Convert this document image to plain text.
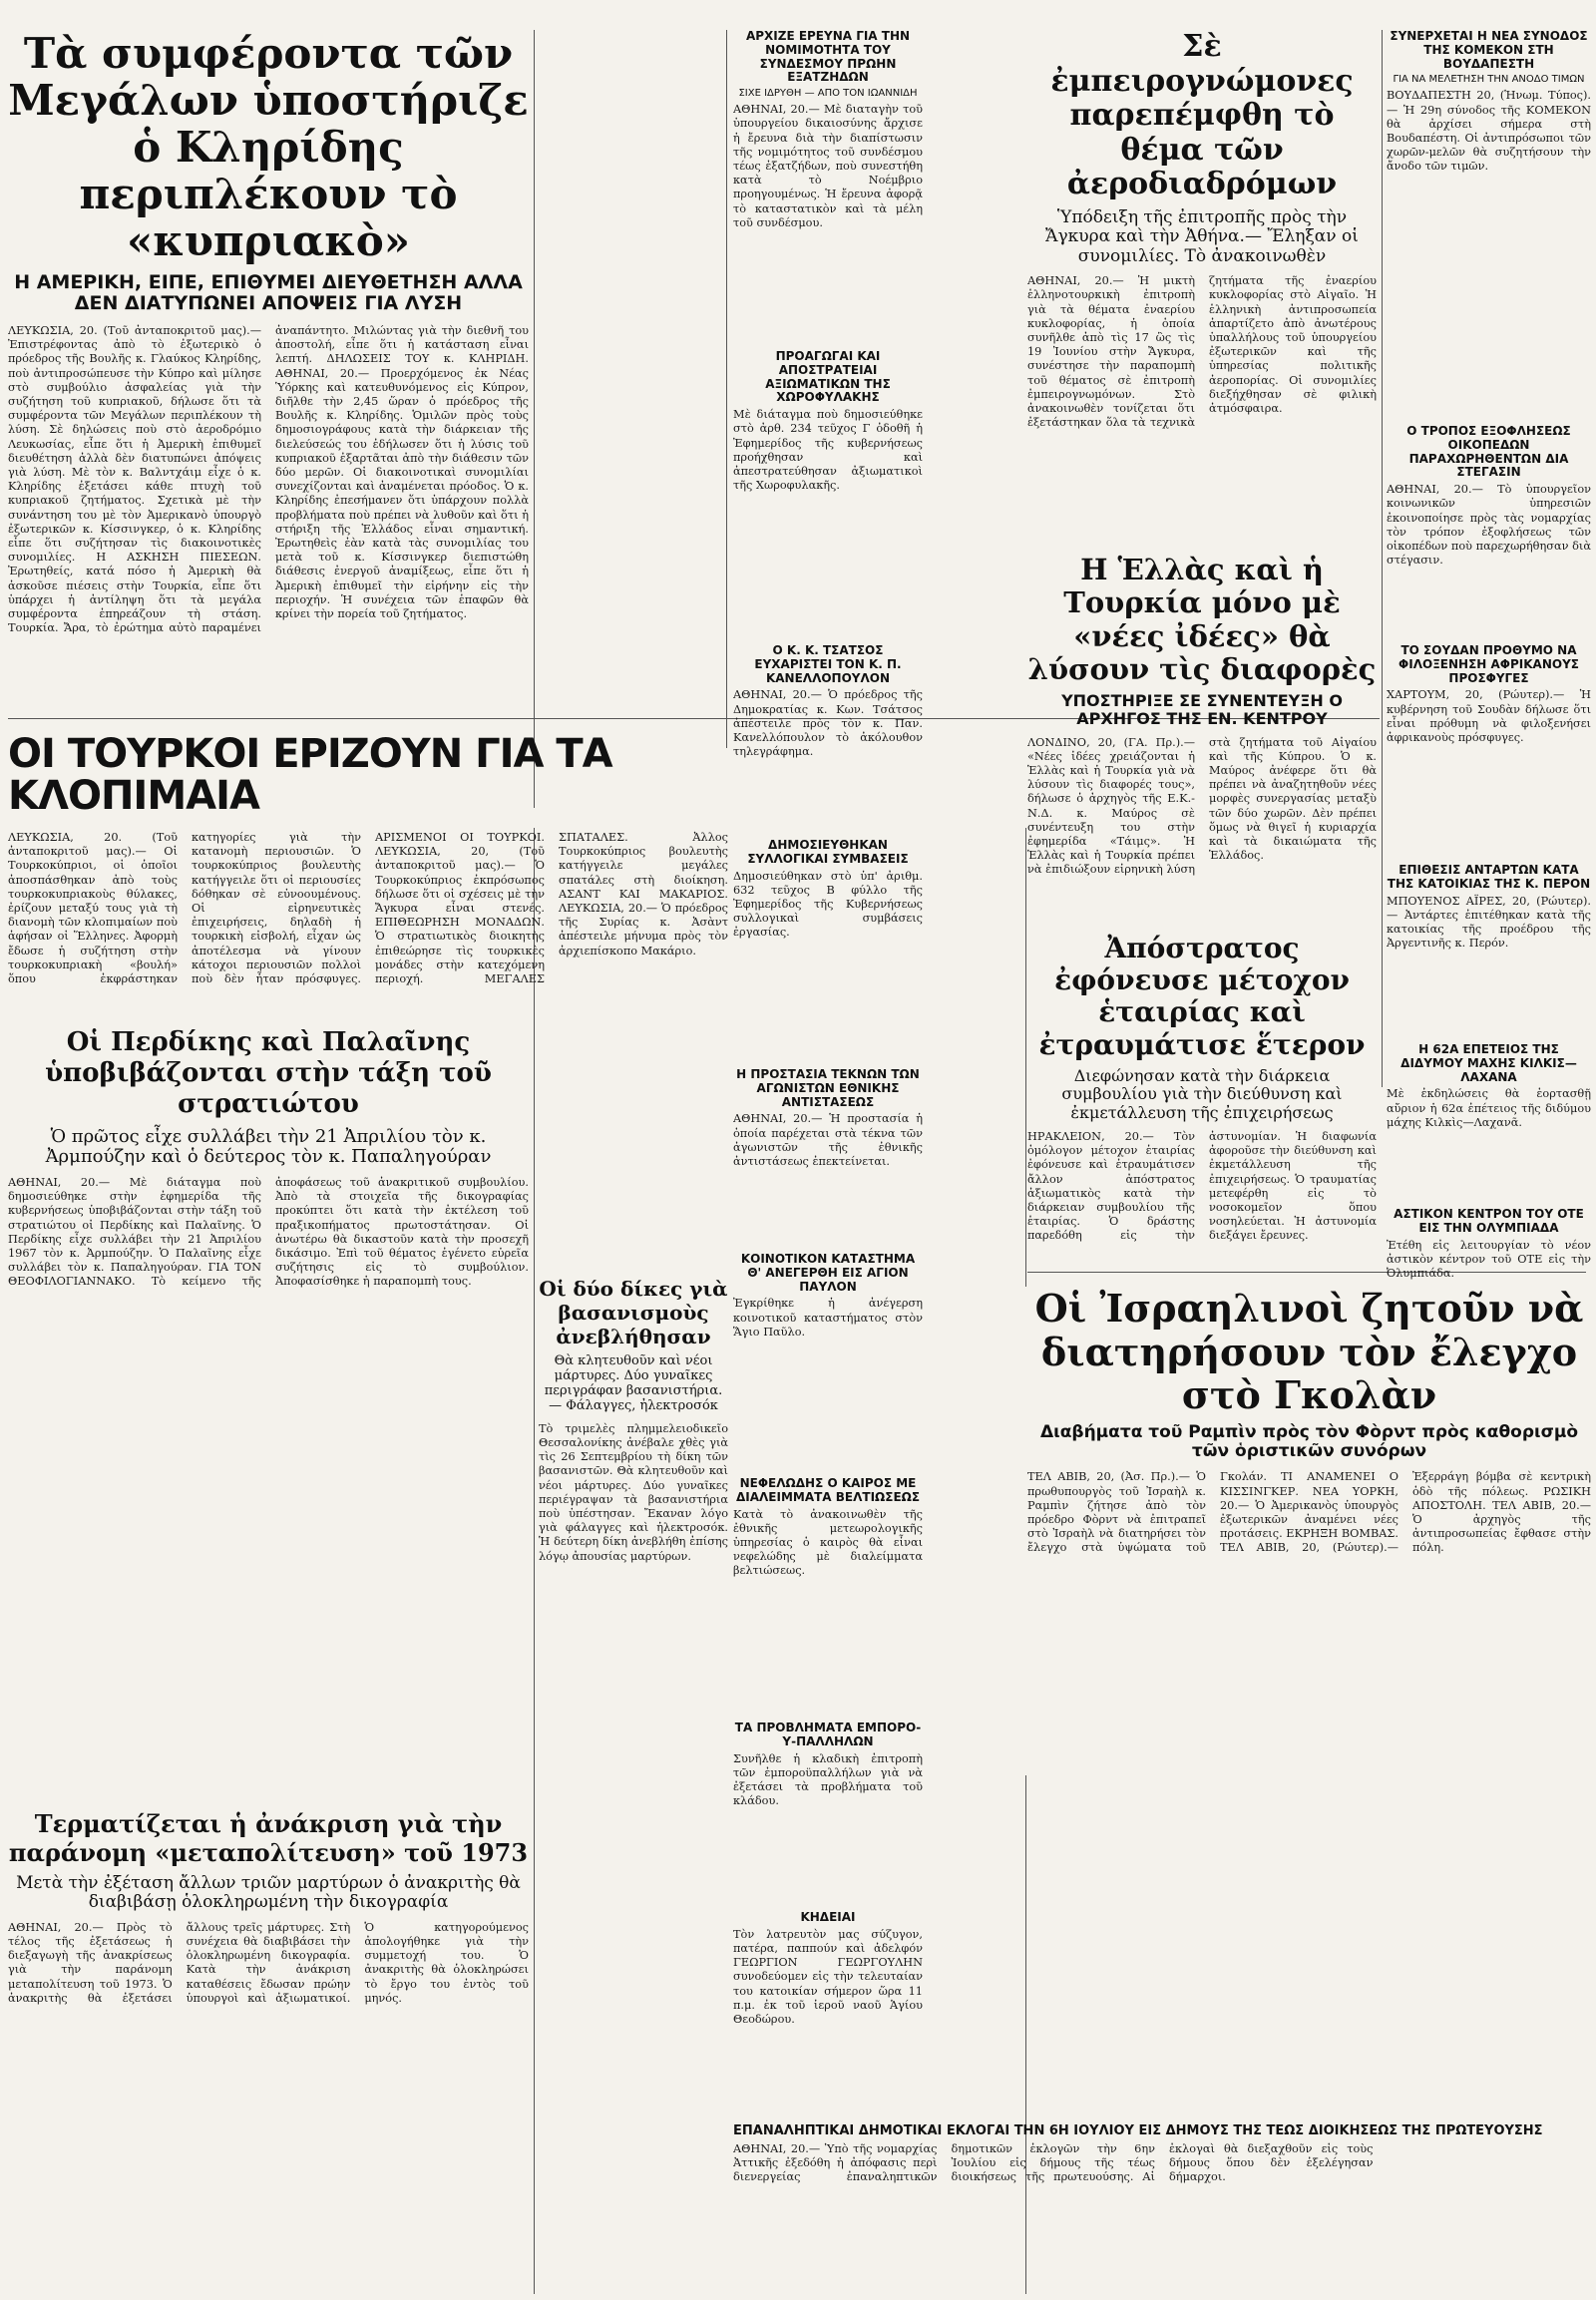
Τὰ συμφέροντα τῶν Μεγάλων ὑποστήριζε ὁ Κληρίδης περιπλέκουν τὸ «κυπριακὸ»

Η ΑΜΕΡΙΚΗ, ΕΙΠΕ, ΕΠΙΘΥΜΕΙ ΔΙΕΥΘΕΤΗΣΗ ΑΛΛΑ ΔΕΝ ΔΙΑΤΥΠΩΝΕΙ ΑΠΟΨΕΙΣ ΓΙΑ ΛΥΣΗ

ΛΕΥΚΩΣΙΑ, 20. (Τοῦ ἀνταποκριτοῦ μας).— Ἐπιστρέφοντας ἀπὸ τὸ ἐξωτερικὸ ὁ πρόεδρος τῆς Βουλῆς κ. Γλαύκος Κληρίδης, ποὺ ἀντιπροσώπευσε τὴν Κύπρο καὶ μίλησε στὸ συμβούλιο ἀσφαλείας γιὰ τὴν συζήτηση τοῦ κυπριακοῦ, δήλωσε ὅτι τὰ συμφέροντα τῶν Μεγάλων περιπλέκουν τὴ λύση. Σὲ δηλώσεις ποὺ στὸ ἀεροδρόμιο Λευκωσίας, εἶπε ὅτι ἡ Ἀμερικὴ ἐπιθυμεῖ διευθέτηση ἀλλὰ δὲν διατυπώνει ἀπόψεις γιὰ λύση. Μὲ τὸν κ. Βαλντχάιμ εἶχε ὁ κ. Κληρίδης ἐξετάσει κάθε πτυχὴ τοῦ κυπριακοῦ ζητήματος. Σχετικὰ μὲ τὴν συνάντηση του μὲ τὸν Ἀμερικανὸ ὑπουργὸ ἐξωτερικῶν κ. Κίσσινγκερ, ὁ κ. Κληρίδης εἶπε ὅτι συζήτησαν τὶς διακοινοτικὲς συνομιλίες. Η ΑΣΚΗΣΗ ΠΙΕΣΕΩΝ. Ἐρωτηθείς, κατά πόσο ἡ Ἀμερικὴ θὰ ἀσκοῦσε πιέσεις στὴν Τουρκία, εἶπε ὅτι ὑπάρχει ἡ ἀντίληψη ὅτι τὰ μεγάλα συμφέροντα ἐπηρεάζουν τὴ στάση. Τουρκία. Ἄρα, τὸ ἐρώτημα αὐτὸ παραμένει ἀναπάντητο. Μιλώντας γιὰ τὴν διεθνῆ του ἀποστολή, εἶπε ὅτι ἡ κατάσταση εἶναι λεπτή. ΔΗΛΩΣΕΙΣ ΤΟΥ κ. ΚΛΗΡΙΔΗ. ΑΘΗΝΑΙ, 20.— Προερχόμενος ἐκ Νέας Ὑόρκης καὶ κατευθυνόμενος εἰς Κύπρον, διῆλθε τὴν 2,45 ὥραν ὁ πρόεδρος τῆς Βουλῆς κ. Κληρίδης. Ὁμιλῶν πρὸς τοὺς δημοσιογράφους κατὰ τὴν διάρκειαν τῆς διελεύσεώς του ἐδήλωσεν ὅτι ἡ λύσις τοῦ κυπριακοῦ ἐξαρτᾶται ἀπὸ τὴν διάθεσιν τῶν δύο μερῶν. Οἱ διακοινοτικαὶ συνομιλίαι συνεχίζονται καὶ ἀναμένεται πρόοδος. Ὁ κ. Κληρίδης ἐπεσήμανεν ὅτι ὑπάρχουν πολλὰ προβλήματα ποὺ πρέπει νὰ λυθοῦν καὶ ὅτι ἡ στήριξη τῆς Ἑλλάδος εἶναι σημαντική. Ἐρωτηθεὶς ἐὰν κατὰ τὰς συνομιλίας του μετὰ τοῦ κ. Κίσσινγκερ διεπιστώθη διάθεσις ἐνεργοῦ ἀναμίξεως, εἶπε ὅτι ἡ Ἀμερικὴ ἐπιθυμεῖ τὴν εἰρήνην εἰς τὴν περιοχήν. Ἡ συνέχεια τῶν ἐπαφῶν θὰ κρίνει τὴν πορεία τοῦ ζητήματος.

ΑΡΧΙΖΕ ΕΡΕΥΝΑ ΓΙΑ ΤΗΝ ΝΟΜΙΜΟΤΗΤΑ ΤΟΥ ΣΥΝΔΕΣΜΟΥ ΠΡΩΗΝ ΕΞΑΤΖΗΔΩΝ

ΣΙΧΕ ΙΔΡΥΘΗ — ΑΠΟ ΤΟΝ ΙΩΑΝΝΙΔΗ

ΑΘΗΝΑΙ, 20.— Μὲ διαταγὴν τοῦ ὑπουργείου δικαιοσύνης ἄρχισε ἡ ἔρευνα διὰ τὴν διαπίστωσιν τῆς νομιμότητος τοῦ συνδέσμου τέως ἐξατζήδων, ποὺ συνεστήθη κατὰ τὸ Νοέμβριο προηγουμένως. Ἡ ἔρευνα ἀφορᾷ τὸ καταστατικὸν καὶ τὰ μέλη τοῦ συνδέσμου.

ΠΡΟΑΓΩΓΑΙ ΚΑΙ ΑΠΟΣΤΡΑΤΕΙΑΙ ΑΞΙΩΜΑΤΙΚΩΝ ΤΗΣ ΧΩΡΟΦΥΛΑΚΗΣ

Μὲ διάταγμα ποὺ δημοσιεύθηκε στὸ ἀρθ. 234 τεῦχος Γ ὀδοθῆ ἡ Ἐφημερίδος τῆς κυβερνήσεως προήχθησαν καὶ ἀπεστρατεύθησαν ἀξιωματικοὶ τῆς Χωροφυλακῆς.

Ο Κ. Κ. ΤΣΑΤΣΟΣ ΕΥΧΑΡΙΣΤΕΙ ΤΟΝ Κ. Π. ΚΑΝΕΛΛΟΠΟΥΛΟΝ

ΑΘΗΝΑΙ, 20.— Ὁ πρόεδρος τῆς Δημοκρατίας κ. Κων. Τσάτσος ἀπέστειλε πρὸς τὸν κ. Παν. Κανελλόπουλον τὸ ἀκόλουθον τηλεγράφημα.
Σὲ ἐμπειρογνώμονες παρεπέμφθη τὸ θέμα τῶν ἀεροδιαδρόμων

Ὑπόδειξη τῆς ἐπιτροπῆς πρὸς τὴν Ἄγκυρα καὶ τὴν Ἀθήνα.— Ἔληξαν οἱ συνομιλίες. Τὸ ἀνακοινωθὲν

ΑΘΗΝΑΙ, 20.— Ἡ μικτὴ ἑλληνοτουρκικὴ ἐπιτροπὴ γιὰ τὰ θέματα ἐναερίου κυκλοφορίας, ἡ ὁποία συνῆλθε ἀπὸ τὶς 17 ὣς τὶς 19 Ἰουνίου στὴν Ἄγκυρα, συνέστησε τὴν παραπομπὴ τοῦ θέματος σὲ ἐπιτροπὴ ἐμπειρογνωμόνων. Στὸ ἀνακοινωθὲν τονίζεται ὅτι ἐξετάστηκαν ὅλα τὰ τεχνικὰ ζητήματα τῆς ἐναερίου κυκλοφορίας στὸ Αἰγαῖο. Ἡ ἑλληνικὴ ἀντιπροσωπεία ἀπαρτίζετο ἀπὸ ἀνωτέρους ὑπαλλήλους τοῦ ὑπουργείου ἐξωτερικῶν καὶ τῆς ὑπηρεσίας πολιτικῆς ἀεροπορίας. Οἱ συνομιλίες διεξήχθησαν σὲ φιλικὴ ἀτμόσφαιρα.

ΣΥΝΕΡΧΕΤΑΙ Η ΝΕΑ ΣΥΝΟΔΟΣ ΤΗΣ ΚΟΜΕΚΟΝ ΣΤΗ ΒΟΥΔΑΠΕΣΤΗ

ΓΙΑ ΝΑ ΜΕΛΕΤΗΣΗ ΤΗΝ ΑΝΟΔΟ ΤΙΜΩΝ

ΒΟΥΔΑΠΕΣΤΗ 20, (Ἡνωμ. Τύπος).— Ἡ 29η σύνοδος τῆς ΚΟΜΕΚΟΝ θὰ ἀρχίσει σήμερα στὴ Βουδαπέστη. Οἱ ἀντιπρόσωποι τῶν χωρῶν-μελῶν θὰ συζητήσουν τὴν ἄνοδο τῶν τιμῶν.

Ο ΤΡΟΠΟΣ ΕΞΟΦΛΗΣΕΩΣ ΟΙΚΟΠΕΔΩΝ ΠΑΡΑΧΩΡΗΘΕΝΤΩΝ ΔΙΑ ΣΤΕΓΑΣΙΝ

ΑΘΗΝΑΙ, 20.— Τὸ ὑπουργεῖον κοινωνικῶν ὑπηρεσιῶν ἐκοινοποίησε πρὸς τὰς νομαρχίας τὸν τρόπον ἐξοφλήσεως τῶν οἰκοπέδων ποὺ παρεχωρήθησαν διὰ στέγασιν.
Η Ἑλλὰς καὶ ἡ Τουρκία μόνο μὲ «νέες ἰδέες» θὰ λύσουν τὶς διαφορὲς

ΥΠΟΣΤΗΡΙΞΕ ΣΕ ΣΥΝΕΝΤΕΥΞΗ Ο ΑΡΧΗΓΟΣ ΤΗΣ ΕΝ. ΚΕΝΤΡΟΥ

ΛΟΝΔΙΝΟ, 20, (ΓΑ. Πρ.).— «Νέες ἰδέες χρειάζονται ἡ Ἑλλὰς καὶ ἡ Τουρκία γιὰ νὰ λύσουν τὶς διαφορές τους», δήλωσε ὁ ἀρχηγὸς τῆς Ε.Κ.-Ν.Δ. κ. Μαύρος σὲ συνέντευξη του στὴν ἐφημερίδα «Τάιμς». Ἡ Ἑλλὰς καὶ ἡ Τουρκία πρέπει νὰ ἐπιδιώξουν εἰρηνικὴ λύση στὰ ζητήματα τοῦ Αἰγαίου καὶ τῆς Κύπρου. Ὁ κ. Μαύρος ἀνέφερε ὅτι θὰ πρέπει νὰ ἀναζητηθοῦν νέες μορφὲς συνεργασίας μεταξὺ τῶν δύο χωρῶν. Δὲν πρέπει ὅμως νὰ θιγεῖ ἡ κυριαρχία καὶ τὰ δικαιώματα τῆς Ἑλλάδος.

ΤΟ ΣΟΥΔΑΝ ΠΡΟΘΥΜΟ ΝΑ ΦΙΛΟΞΕΝΗΣΗ ΑΦΡΙΚΑΝΟΥΣ ΠΡΟΣΦΥΓΕΣ

ΧΑΡΤΟΥΜ, 20, (Ρώυτερ).— Ἡ κυβέρνηση τοῦ Σουδὰν δήλωσε ὅτι εἶναι πρόθυμη νὰ φιλοξενήσει ἀφρικανοὺς πρόσφυγες.
ΟΙ ΤΟΥΡΚΟΙ ΕΡΙΖΟΥΝ ΓΙΑ ΤΑ ΚΛΟΠΙΜΑΙΑ
ΛΕΥΚΩΣΙΑ, 20. (Τοῦ ἀνταποκριτοῦ μας).— Οἱ Τουρκοκύπριοι, οἱ ὁποῖοι ἀποσπάσθηκαν ἀπὸ τοὺς τουρκοκυπριακοὺς θύλακες, ἐρίζουν μεταξύ τους γιὰ τὴ διανομὴ τῶν κλοπιμαίων ποὺ ἀφήσαν οἱ Ἕλληνες. Ἀφορμὴ ἔδωσε ἡ συζήτηση στὴν τουρκοκυπριακὴ «βουλή» ὅπου ἐκφράστηκαν κατηγορίες γιὰ τὴν κατανομὴ περιουσιῶν. Ὁ τουρκοκύπριος βουλευτὴς κατήγγειλε ὅτι οἱ περιουσίες δόθηκαν σὲ εὐνοουμένους. Οἱ εἰρηνευτικὲς ἐπιχειρήσεις, δηλαδὴ ἡ τουρκικὴ εἰσβολή, εἶχαν ὡς ἀποτέλεσμα νὰ γίνουν κάτοχοι περιουσιῶν πολλοὶ ποὺ δὲν ἦταν πρόσφυγες. ΑΡΙΣΜΕΝΟΙ ΟΙ ΤΟΥΡΚΟΙ. ΛΕΥΚΩΣΙΑ, 20, (Τοῦ ἀνταποκριτοῦ μας).— Ὁ Τουρκοκύπριος ἐκπρόσωπος δήλωσε ὅτι οἱ σχέσεις μὲ τὴν Ἄγκυρα εἶναι στενές. ΕΠΙΘΕΩΡΗΣΗ ΜΟΝΑΔΩΝ. Ὁ στρατιωτικὸς διοικητὴς ἐπιθεώρησε τὶς τουρκικὲς μονάδες στὴν κατεχόμενη περιοχή. ΜΕΓΑΛΕΣ ΣΠΑΤΑΛΕΣ. Ἀλλος Τουρκοκύπριος βουλευτὴς κατήγγειλε μεγάλες σπατάλες στὴ διοίκηση. ΑΣΑΝΤ ΚΑΙ ΜΑΚΑΡΙΟΣ. ΛΕΥΚΩΣΙΑ, 20.— Ὁ πρόεδρος τῆς Συρίας κ. Ἀσὰντ ἀπέστειλε μήνυμα πρὸς τὸν ἀρχιεπίσκοπο Μακάριο.

ΔΗΜΟΣΙΕΥΘΗΚΑΝ ΣΥΛΛΟΓΙΚΑΙ ΣΥΜΒΑΣΕΙΣ

Δημοσιεύθηκαν στὸ ὑπ' ἀριθμ. 632 τεῦχος Β φύλλο τῆς Ἐφημερίδος τῆς Κυβερνήσεως συλλογικαὶ συμβάσεις ἐργασίας.

ΕΠΙΘΕΣΙΣ ΑΝΤΑΡΤΩΝ ΚΑΤΑ ΤΗΣ ΚΑΤΟΙΚΙΑΣ ΤΗΣ Κ. ΠΕΡΟΝ

ΜΠΟΥΕΝΟΣ ΑΪΡΕΣ, 20, (Ρώυτερ).— Ἀντάρτες ἐπιτέθηκαν κατὰ τῆς κατοικίας τῆς προέδρου τῆς Ἀργεντινῆς κ. Περόν.
Ἀπόστρατος ἐφόνευσε μέτοχον ἑταιρίας καὶ ἐτραυμάτισε ἕτερον

Διεφώνησαν κατὰ τὴν διάρκεια συμβουλίου γιὰ τὴν διεύθυνση καὶ ἐκμετάλλευση τῆς ἐπιχειρήσεως

ΗΡΑΚΛΕΙΟΝ, 20.— Τὸν ὁμόλογον μέτοχον ἑταιρίας ἐφόνευσε καὶ ἐτραυμάτισεν ἄλλον ἀπόστρατος ἀξιωματικὸς κατὰ τὴν διάρκειαν συμβουλίου τῆς ἑταιρίας. Ὁ δράστης παρεδόθη εἰς τὴν ἀστυνομίαν. Ἡ διαφωνία ἀφοροῦσε τὴν διεύθυνση καὶ ἐκμετάλλευση τῆς ἐπιχειρήσεως. Ὁ τραυματίας μετεφέρθη εἰς τὸ νοσοκομεῖον ὅπου νοσηλεύεται. Ἡ ἀστυνομία διεξάγει ἔρευνες.

Η 62Α ΕΠΕΤΕΙΟΣ ΤΗΣ ΔΙΔΥΜΟΥ ΜΑΧΗΣ ΚΙΛΚΙΣ—ΛΑΧΑΝΑ

Μὲ ἐκδηλώσεις θὰ ἑορτασθῇ αὔριον ἡ 62α ἐπέτειος τῆς διδύμου μάχης Κιλκὶς—Λαχανᾶ.
Οἱ Περδίκης καὶ Παλαῖνης ὑποβιβάζονται στὴν τάξη τοῦ στρατιώτου

Ὁ πρῶτος εἶχε συλλάβει τὴν 21 Ἀπριλίου τὸν κ. Ἀρμπούζην καὶ ὁ δεύτερος τὸν κ. Παπαληγούραν

ΑΘΗΝΑΙ, 20.— Μὲ διάταγμα ποὺ δημοσιεύθηκε στὴν ἐφημερίδα τῆς κυβερνήσεως ὑποβιβάζονται στὴν τάξη τοῦ στρατιώτου οἱ Περδίκης καὶ Παλαῖνης. Ὁ Περδίκης εἶχε συλλάβει τὴν 21 Ἀπριλίου 1967 τὸν κ. Ἀρμπούζην. Ὁ Παλαῖνης εἶχε συλλάβει τὸν κ. Παπαληγούραν. ΓΙΑ ΤΟΝ ΘΕΟΦΙΛΟΓΙΑΝΝΑΚΟ. Τὸ κείμενο τῆς ἀποφάσεως τοῦ ἀνακριτικοῦ συμβουλίου. Ἀπὸ τὰ στοιχεῖα τῆς δικογραφίας προκύπτει ὅτι κατὰ τὴν ἐκτέλεση τοῦ πραξικοπήματος πρωτοστάτησαν. Οἱ ἀνωτέρω θὰ δικαστοῦν κατὰ τὴν προσεχῆ δικάσιμο. Ἐπὶ τοῦ θέματος ἐγένετο εὐρεῖα συζήτησις εἰς τὸ συμβούλιον. Ἀποφασίσθηκε ἡ παραπομπὴ τους.

Η ΠΡΟΣΤΑΣΙΑ ΤΕΚΝΩΝ ΤΩΝ ΑΓΩΝΙΣΤΩΝ ΕΘΝΙΚΗΣ ΑΝΤΙΣΤΑΣΕΩΣ

ΑΘΗΝΑΙ, 20.— Ἡ προστασία ἡ ὁποία παρέχεται στὰ τέκνα τῶν ἀγωνιστῶν τῆς ἐθνικῆς ἀντιστάσεως ἐπεκτείνεται.

ΑΣΤΙΚΟΝ ΚΕΝΤΡΟΝ ΤΟΥ ΟΤΕ ΕΙΣ ΤΗΝ ΟΛΥΜΠΙΑΔΑ

Ἐτέθη εἰς λειτουργίαν τὸ νέον ἀστικὸν κέντρον τοῦ ΟΤΕ εἰς τὴν Ὀλυμπιάδα.

ΚΟΙΝΟΤΙΚΟΝ ΚΑΤΑΣΤΗΜΑ Θ' ΑΝΕΓΕΡΘΗ ΕΙΣ ΑΓΙΟΝ ΠΑΥΛΟΝ

Ἐγκρίθηκε ἡ ἀνέγερση κοινοτικοῦ καταστήματος στὸν Ἅγιο Παῦλο.
Οἱ δύο δίκες γιὰ βασανισμοὺς ἀνεβλήθησαν

Θὰ κλητευθοῦν καὶ νέοι μάρτυρες. Δύο γυναῖκες περιγράφαν βασανιστήρια.— Φάλαγγες, ἠλεκτροσόκ

Τὸ τριμελὲς πλημμελειοδικεῖο Θεσσαλονίκης ἀνέβαλε χθὲς γιὰ τὶς 26 Σεπτεμβρίου τὴ δίκη τῶν βασανιστῶν. Θὰ κλητευθοῦν καὶ νέοι μάρτυρες. Δύο γυναῖκες περιέγραψαν τὰ βασανιστήρια ποὺ ὑπέστησαν. Ἔκαναν λόγο γιὰ φάλαγγες καὶ ἠλεκτροσόκ. Ἡ δεύτερη δίκη ἀνεβλήθη ἐπίσης λόγῳ ἀπουσίας μαρτύρων.
Οἱ Ἰσραηλινοὶ ζητοῦν νὰ διατηρήσουν τὸν ἔλεγχο στὸ Γκολὰν

Διαβήματα τοῦ Ραμπὶν πρὸς τὸν Φὸρντ πρὸς καθορισμὸ τῶν ὁριστικῶν συνόρων

ΤΕΛ ΑΒΙΒ, 20, (Ἀσ. Πρ.).— Ὁ πρωθυπουργὸς τοῦ Ἰσραὴλ κ. Ραμπὶν ζήτησε ἀπὸ τὸν πρόεδρο Φὸρντ νὰ ἐπιτραπεῖ στὸ Ἰσραὴλ νὰ διατηρήσει τὸν ἔλεγχο στὰ ὑψώματα τοῦ Γκολάν. ΤΙ ΑΝΑΜΕΝΕΙ Ο ΚΙΣΣΙΝΓΚΕΡ. ΝΕΑ ΥΟΡΚΗ, 20.— Ὁ Ἀμερικανὸς ὑπουργὸς ἐξωτερικῶν ἀναμένει νέες προτάσεις. ΕΚΡΗΞΗ ΒΟΜΒΑΣ. ΤΕΛ ΑΒΙΒ, 20, (Ρώυτερ).— Ἐξερράγη βόμβα σὲ κεντρικὴ ὁδὸ τῆς πόλεως. ΡΩΣΙΚΗ ΑΠΟΣΤΟΛΗ. ΤΕΛ ΑΒΙΒ, 20.— Ὁ ἀρχηγὸς τῆς ἀντιπροσωπείας ἔφθασε στὴν πόλη.

ΝΕΦΕΛΩΔΗΣ Ο ΚΑΙΡΟΣ ΜΕ ΔΙΑΛΕΙΜΜΑΤΑ ΒΕΛΤΙΩΣΕΩΣ

Κατὰ τὸ ἀνακοινωθὲν τῆς ἐθνικῆς μετεωρολογικῆς ὑπηρεσίας ὁ καιρὸς θὰ εἶναι νεφελώδης μὲ διαλείμματα βελτιώσεως.

ΤΑ ΠΡΟΒΛΗΜΑΤΑ ΕΜΠΟΡΟ-Υ-ΠΑΛΛΗΛΩΝ

Συνῆλθε ἡ κλαδικὴ ἐπιτροπὴ τῶν ἐμποροϋπαλλήλων γιὰ νὰ ἐξετάσει τὰ προβλήματα τοῦ κλάδου.
Τερματίζεται ἡ ἀνάκριση γιὰ τὴν παράνομη «μεταπολίτευση» τοῦ 1973

Μετὰ τὴν ἐξέταση ἄλλων τριῶν μαρτύρων ὁ ἀνακριτὴς θὰ διαβιβάσῃ ὁλοκληρωμένη τὴν δικογραφία

ΑΘΗΝΑΙ, 20.— Πρὸς τὸ τέλος τῆς ἐξετάσεως ἡ διεξαγωγὴ τῆς ἀνακρίσεως γιὰ τὴν παράνομη μεταπολίτευση τοῦ 1973. Ὁ ἀνακριτὴς θὰ ἐξετάσει ἄλλους τρεῖς μάρτυρες. Στὴ συνέχεια θὰ διαβιβάσει τὴν ὁλοκληρωμένη δικογραφία. Κατὰ τὴν ἀνάκριση καταθέσεις ἔδωσαν πρώην ὑπουργοὶ καὶ ἀξιωματικοί. Ὁ κατηγορούμενος ἀπολογήθηκε γιὰ τὴν συμμετοχή του. Ὁ ἀνακριτὴς θὰ ὁλοκληρώσει τὸ ἔργο του ἐντὸς τοῦ μηνός.

ΚΗΔΕΙΑΙ

Τὸν λατρευτὸν μας σύζυγον, πατέρα, παππούν καὶ ἀδελφόν ΓΕΩΡΓΙΟΝ ΓΕΩΡΓΟΥΛΗΝ συνοδεύομεν εἰς τὴν τελευταίαν του κατοικίαν σήμερον ὥρα 11 π.μ. ἐκ τοῦ ἱεροῦ ναοῦ Ἁγίου Θεοδώρου.

ΕΠΑΝΑΛΗΠΤΙΚΑΙ ΔΗΜΟΤΙΚΑΙ ΕΚΛΟΓΑΙ ΤΗΝ 6Η ΙΟΥΛΙΟΥ ΕΙΣ ΔΗΜΟΥΣ ΤΗΣ ΤΕΩΣ ΔΙΟΙΚΗΣΕΩΣ ΤΗΣ ΠΡΩΤΕΥΟΥΣΗΣ

ΑΘΗΝΑΙ, 20.— Ὑπὸ τῆς νομαρχίας Ἀττικῆς ἐξεδόθη ἡ ἀπόφασις περὶ διενεργείας ἐπαναληπτικῶν δημοτικῶν ἐκλογῶν τὴν 6ην Ἰουλίου εἰς δήμους τῆς τέως διοικήσεως τῆς πρωτευούσης. Αἱ ἐκλογαὶ θὰ διεξαχθοῦν εἰς τοὺς δήμους ὅπου δὲν ἐξελέγησαν δήμαρχοι.
